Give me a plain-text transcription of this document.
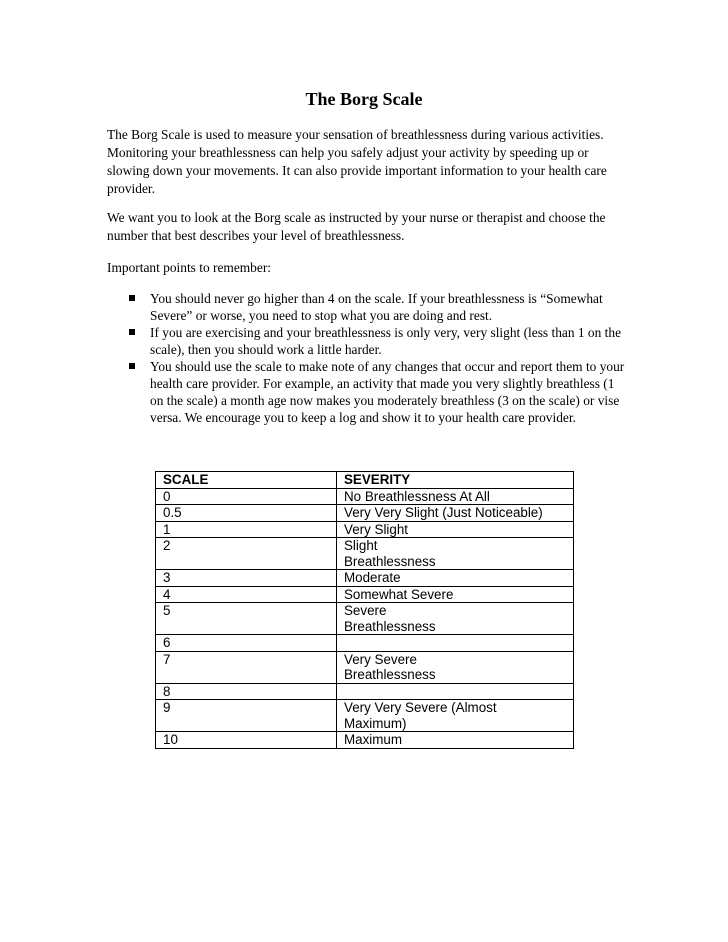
The Borg Scale

The Borg Scale is used to measure your sensation of breathlessness during various activities. Monitoring your breathlessness can help you safely adjust your activity by speeding up or slowing down your movements. It can also provide important information to your health care provider.

We want you to look at the Borg scale as instructed by your nurse or therapist and choose the number that best describes your level of breathlessness.

Important points to remember:

You should never go higher than 4 on the scale. If your breathlessness is “Somewhat Severe” or worse, you need to stop what you are doing and rest.
If you are exercising and your breathlessness is only very, very slight (less than 1 on the scale), then you should work a little harder.
You should use the scale to make note of any changes that occur and report them to your health care provider. For example, an activity that made you very slightly breathless (1 on the scale) a month age now makes you moderately breathless (3 on the scale) or vise versa. We encourage you to keep a log and show it to your health care provider.
SCALE	SEVERITY
0	No Breathlessness At All
0.5	Very Very Slight (Just Noticeable)
1	Very Slight
2	Slight Breathlessness
3	Moderate
4	Somewhat Severe
5	Severe Breathlessness
6	
7	Very Severe Breathlessness
8	
9	Very Very Severe (Almost Maximum)
10	Maximum
